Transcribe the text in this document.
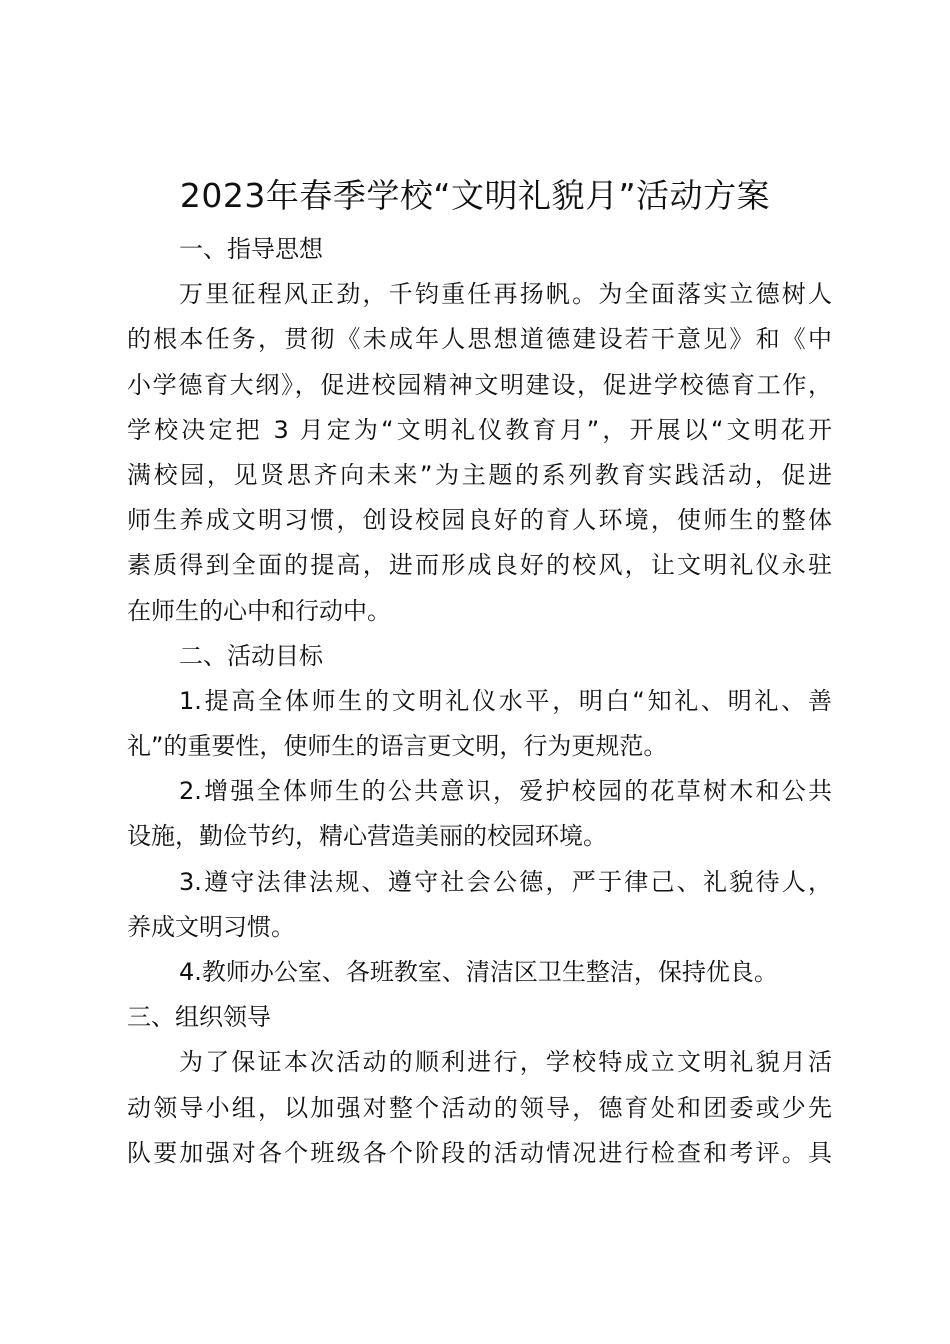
2023年春季学校“文明礼貌月”活动方案
一、指导思想
万里征程风正劲，千钧重任再扬帆。为全面落实立德树人
的根本任务，贯彻《未成年人思想道德建设若干意见》和《中
小学德育大纲》，促进校园精神文明建设，促进学校德育工作，
学校决定把 3 月定为“文明礼仪教育月”，开展以“文明花开
满校园，见贤思齐向未来”为主题的系列教育实践活动，促进
师生养成文明习惯，创设校园良好的育人环境，使师生的整体
素质得到全面的提高，进而形成良好的校风，让文明礼仪永驻
在师生的心中和行动中。
二、活动目标
1.提高全体师生的文明礼仪水平，明白“知礼、明礼、善
礼”的重要性，使师生的语言更文明，行为更规范。
2.增强全体师生的公共意识，爱护校园的花草树木和公共
设施，勤俭节约，精心营造美丽的校园环境。
3.遵守法律法规、遵守社会公德，严于律己、礼貌待人，
养成文明习惯。
4.教师办公室、各班教室、清洁区卫生整洁，保持优良。
三、组织领导
为了保证本次活动的顺利进行，学校特成立文明礼貌月活
动领导小组，以加强对整个活动的领导，德育处和团委或少先
队要加强对各个班级各个阶段的活动情况进行检查和考评。具
